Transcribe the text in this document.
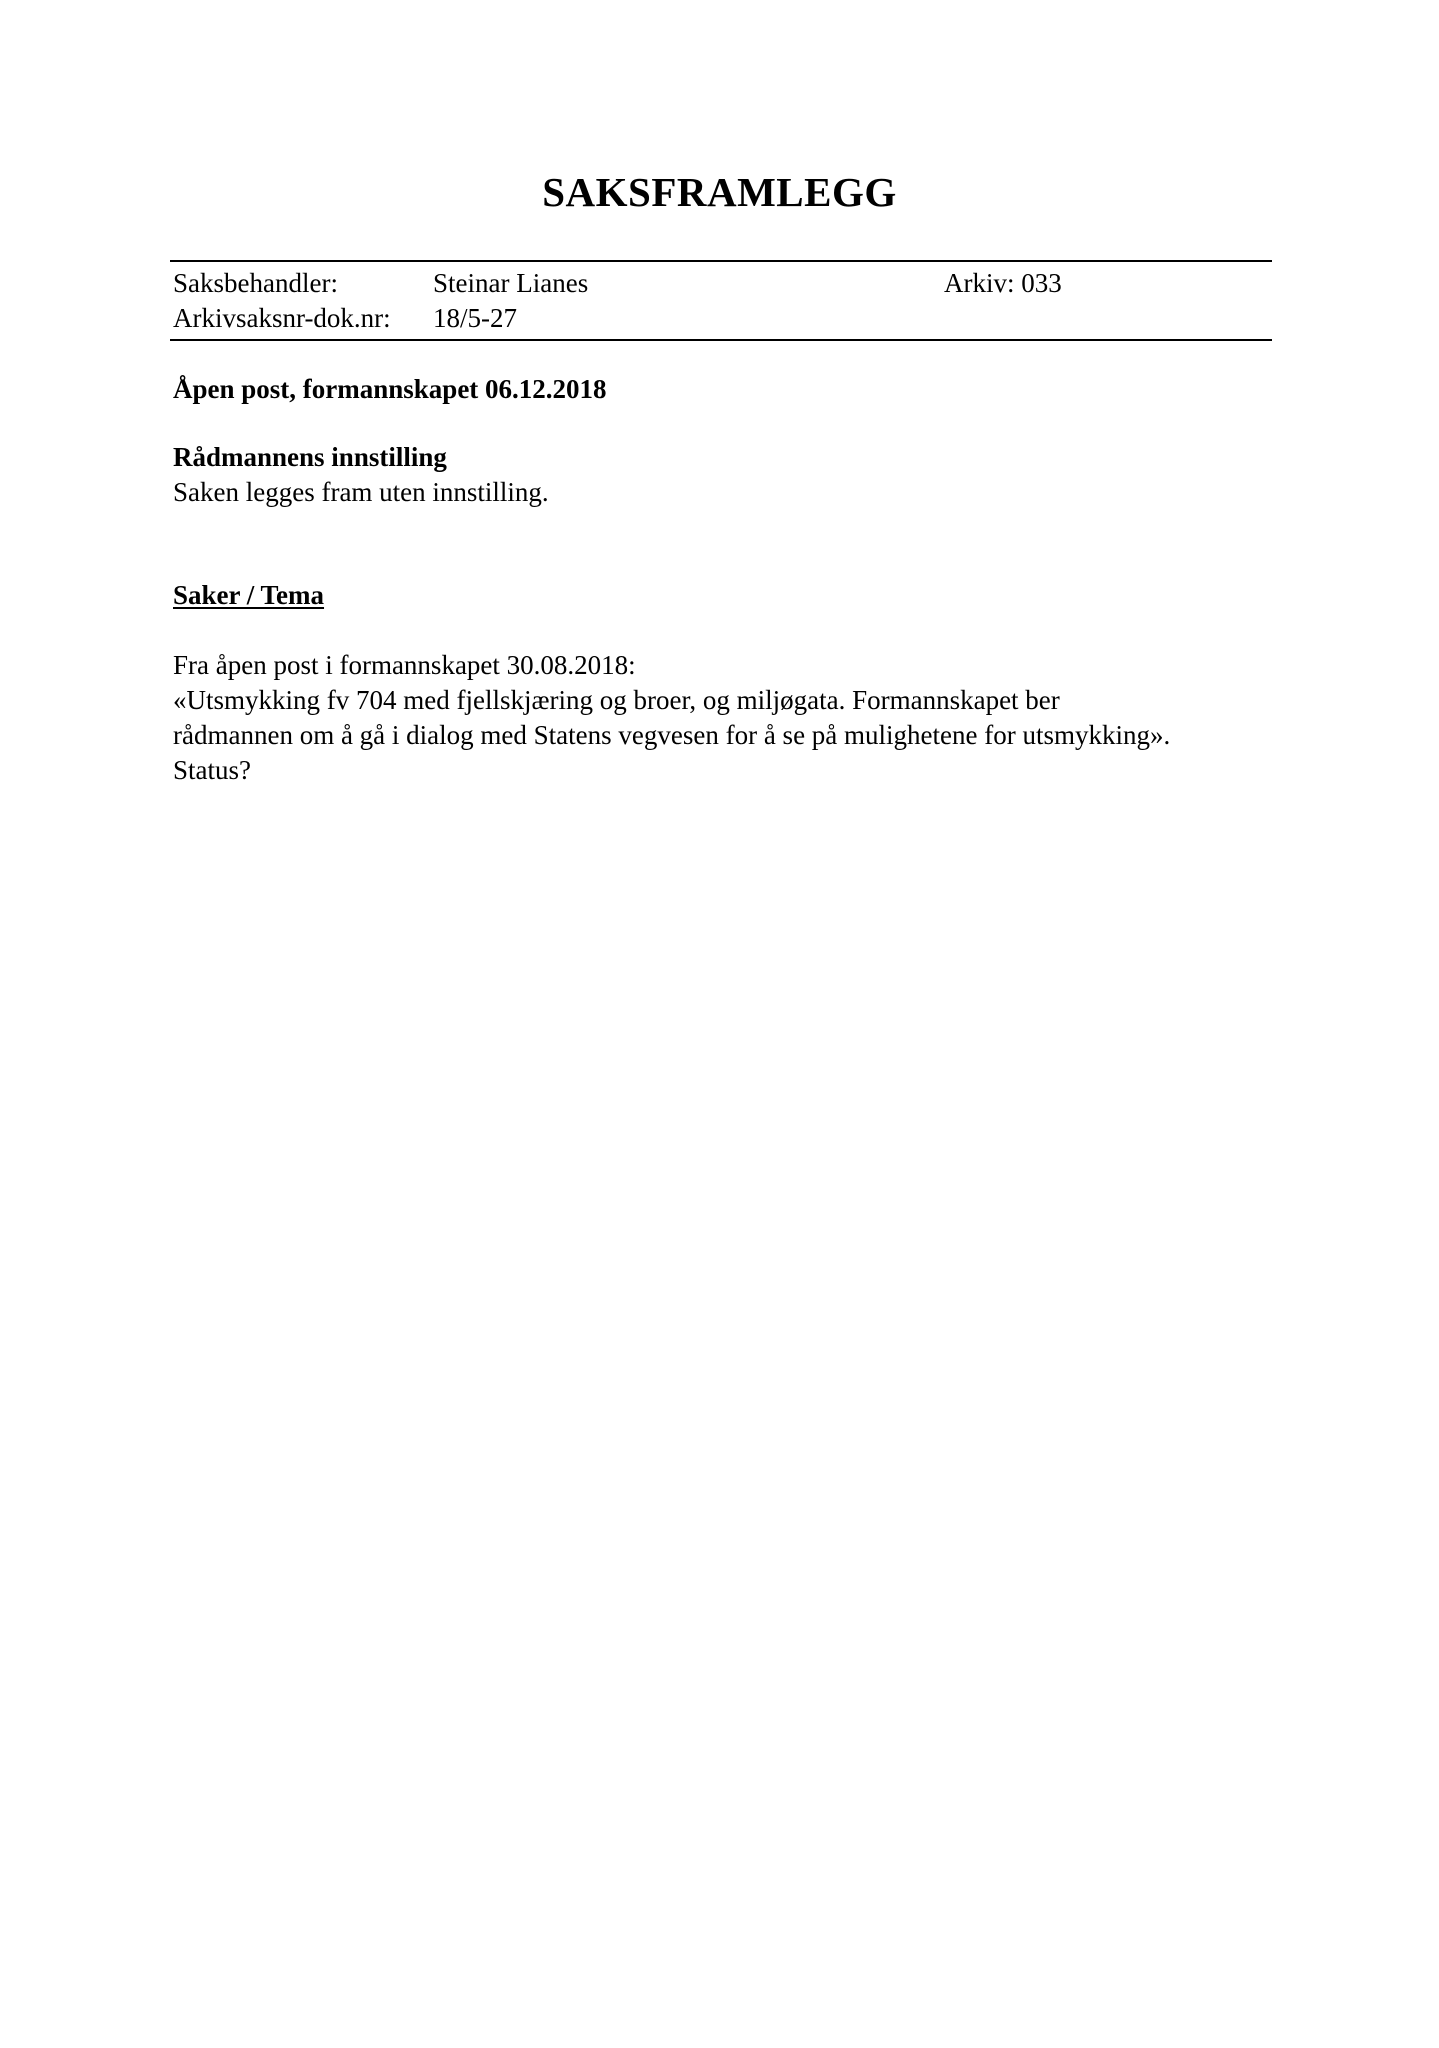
SAKSFRAMLEGG
Saksbehandler:	Steinar Lianes	Arkiv: 033
Arkivsaksnr-dok.nr: 18/5-27
Åpen post, formannskapet 06.12.2018
Rådmannens innstilling
Saken legges fram uten innstilling.
Saker / Tema
Fra åpen post i formannskapet 30.08.2018:
«Utsmykking fv 704 med fjellskjæring og broer, og miljøgata. Formannskapet ber
rådmannen om å gå i dialog med Statens vegvesen for å se på mulighetene for utsmykking».
Status?
